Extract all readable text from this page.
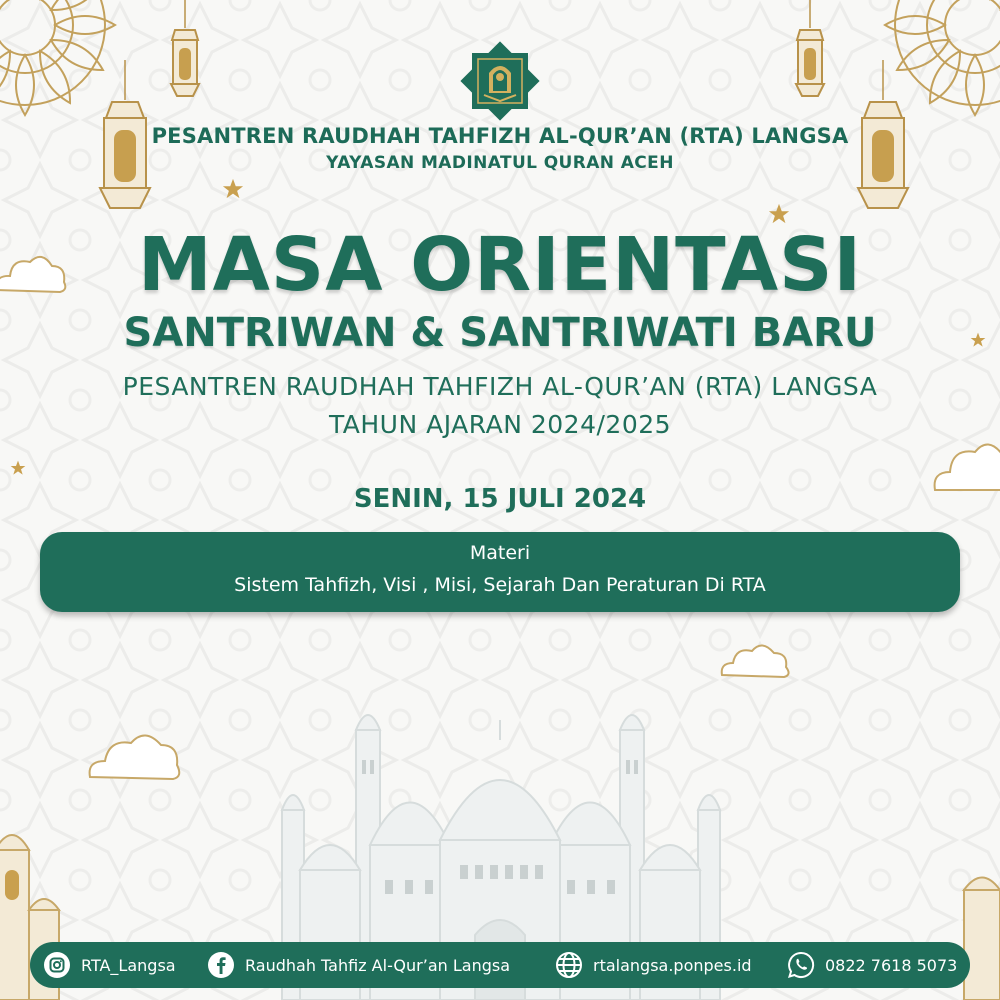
PESANTREN RAUDHAH TAHFIZH AL-QUR’AN (RTA) LANGSA
YAYASAN MADINATUL QURAN ACEH
MASA ORIENTASI
SANTRIWAN & SANTRIWATI BARU
PESANTREN RAUDHAH TAHFIZH AL-QUR’AN (RTA) LANGSA
TAHUN AJARAN 2024/2025
SENIN, 15 JULI 2024
Materi
Sistem Tahfizh, Visi , Misi, Sejarah Dan Peraturan Di RTA
RTA_Langsa	Raudhah Tahfiz Al-Qur’an Langsa	rtalangsa.ponpes.id	0822 7618 5073
